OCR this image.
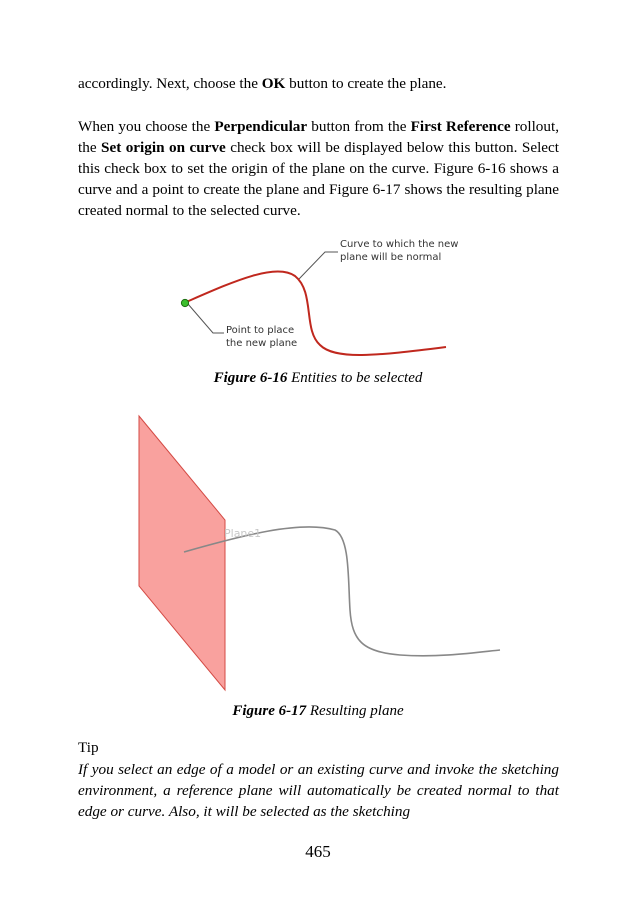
accordingly. Next, choose the OK button to create the plane.

When you choose the Perpendicular button from the First Reference rollout, the Set origin on curve check box will be displayed below this button. Select this check box to set the origin of the plane on the curve. Figure 6-16 shows a curve and a point to create the plane and Figure 6-17 shows the resulting plane created normal to the selected curve.

Curve to which the new
plane will be normal
Point to place
the new plane

Figure 6-16 Entities to be selected

Plane1

Figure 6-17 Resulting plane

Tip

If you select an edge of a model or an existing curve and invoke the sketching environment, a reference plane will automatically be created normal to that edge or curve. Also, it will be selected as the sketching

465
